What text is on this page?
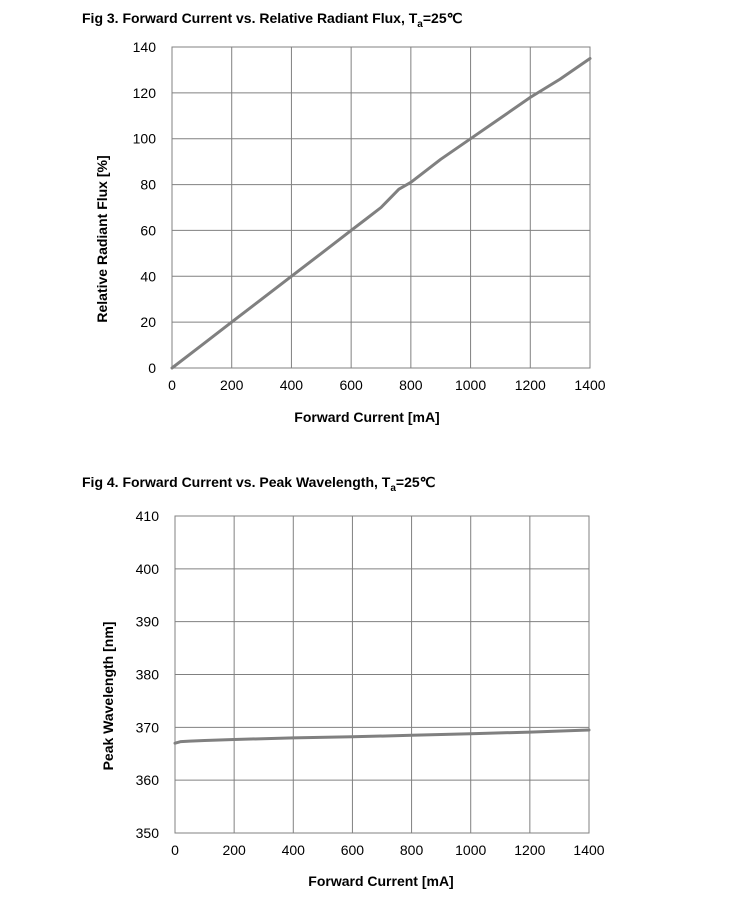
Fig 3. Forward Current vs. Relative Radiant Flux, $T_a=25℃$
0	200	400	600	800 1000 1200 1400
0
20
40
60
80
100
120
140
Forward Current [mA]
Relative Radiant Flux [%]
Fig 4. Forward Current vs. Peak Wavelength, $T_a=25℃$
0	200	400	600	800 1000 1200 1400
350
360
370
380
390
400
410
Forward Current [mA]
Peak Wavelength [nm]
